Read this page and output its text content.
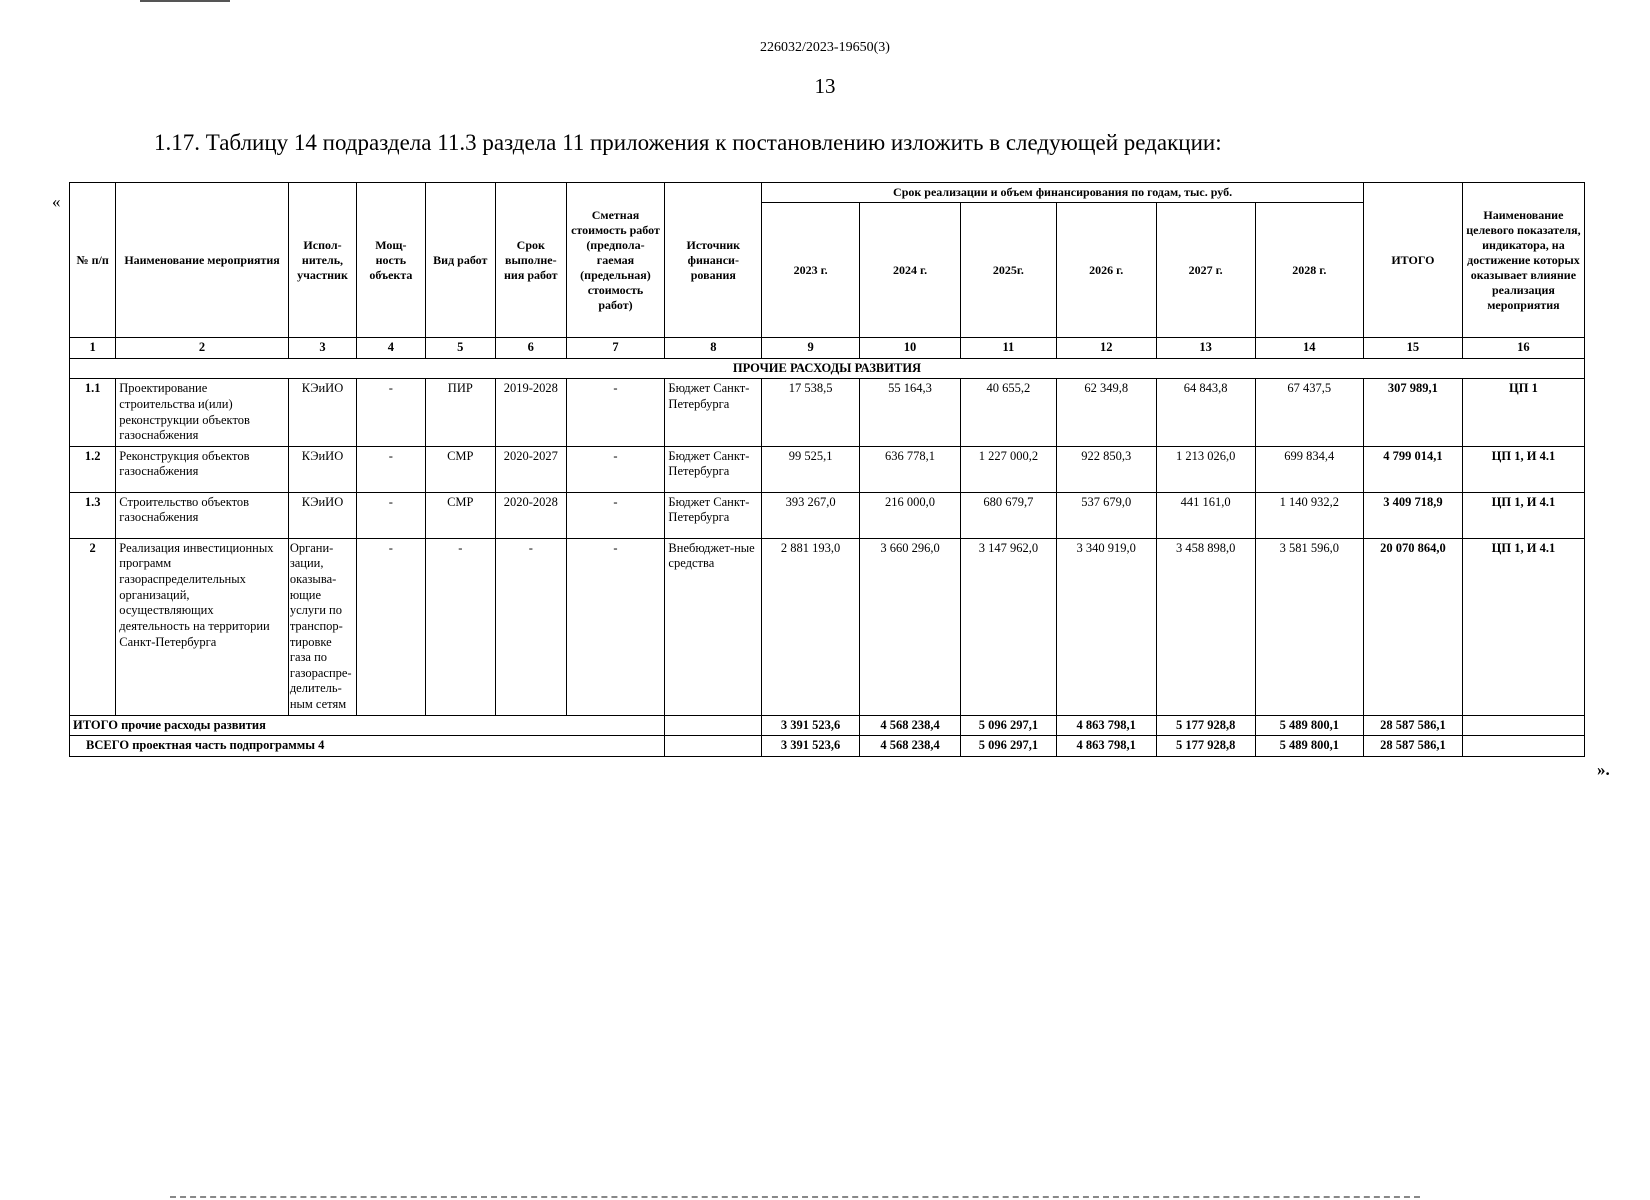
226032/2023-19650(3)
13
1.17. Таблицу 14 подраздела 11.3 раздела 11 приложения к постановлению изложить в следующей редакции:
«
№ п/п	Наименование мероприятия	Испол-нитель, участник	Мощ-ность объекта	Вид работ	Срок выполне-ния работ	Сметная стоимость работ (предпола-гаемая (предельная) стоимость работ)	Источник финанси-рования	Срок реализации и объем финансирования по годам, тыс. руб.						ИТОГО	Наименование целевого показателя, индикатора, на достижение которых оказывает влияние реализация мероприятия
								2023 г.	2024 г.	2025г.	2026 г.	2027 г.	2028 г.		
1	2	3	4	5	6	7	8	9	10	11	12	13	14	15	16
ПРОЧИЕ РАСХОДЫ РАЗВИТИЯ															
1.1	Проектирование строительства и(или) реконструкции объектов газоснабжения	КЭиИО	-	ПИР	2019-2028	-	Бюджет Санкт-Петербурга	17 538,5	55 164,3	40 655,2	62 349,8	64 843,8	67 437,5	307 989,1	ЦП 1
1.2	Реконструкция объектов газоснабжения	КЭиИО	-	СМР	2020-2027	-	Бюджет Санкт-Петербурга	99 525,1	636 778,1	1 227 000,2	922 850,3	1 213 026,0	699 834,4	4 799 014,1	ЦП 1, И 4.1
1.3	Строительство объектов газоснабжения	КЭиИО	-	СМР	2020-2028	-	Бюджет Санкт-Петербурга	393 267,0	216 000,0	680 679,7	537 679,0	441 161,0	1 140 932,2	3 409 718,9	ЦП 1, И 4.1
2	Реализация инвестиционных программ газораспределительных организаций, осуществляющих деятельность на территории Санкт-Петербурга	Органи-зации, оказыва-ющие услуги по транспор-тировке газа по газораспре-делитель-ным сетям	-	-	-	-	Внебюджет-ные средства	2 881 193,0	3 660 296,0	3 147 962,0	3 340 919,0	3 458 898,0	3 581 596,0	20 070 864,0	ЦП 1, И 4.1
ИТОГО прочие расходы развития								3 391 523,6	4 568 238,4	5 096 297,1	4 863 798,1	5 177 928,8	5 489 800,1	28 587 586,1	
ВСЕГО проектная часть подпрограммы 4								3 391 523,6	4 568 238,4	5 096 297,1	4 863 798,1	5 177 928,8	5 489 800,1	28 587 586,1	
».
